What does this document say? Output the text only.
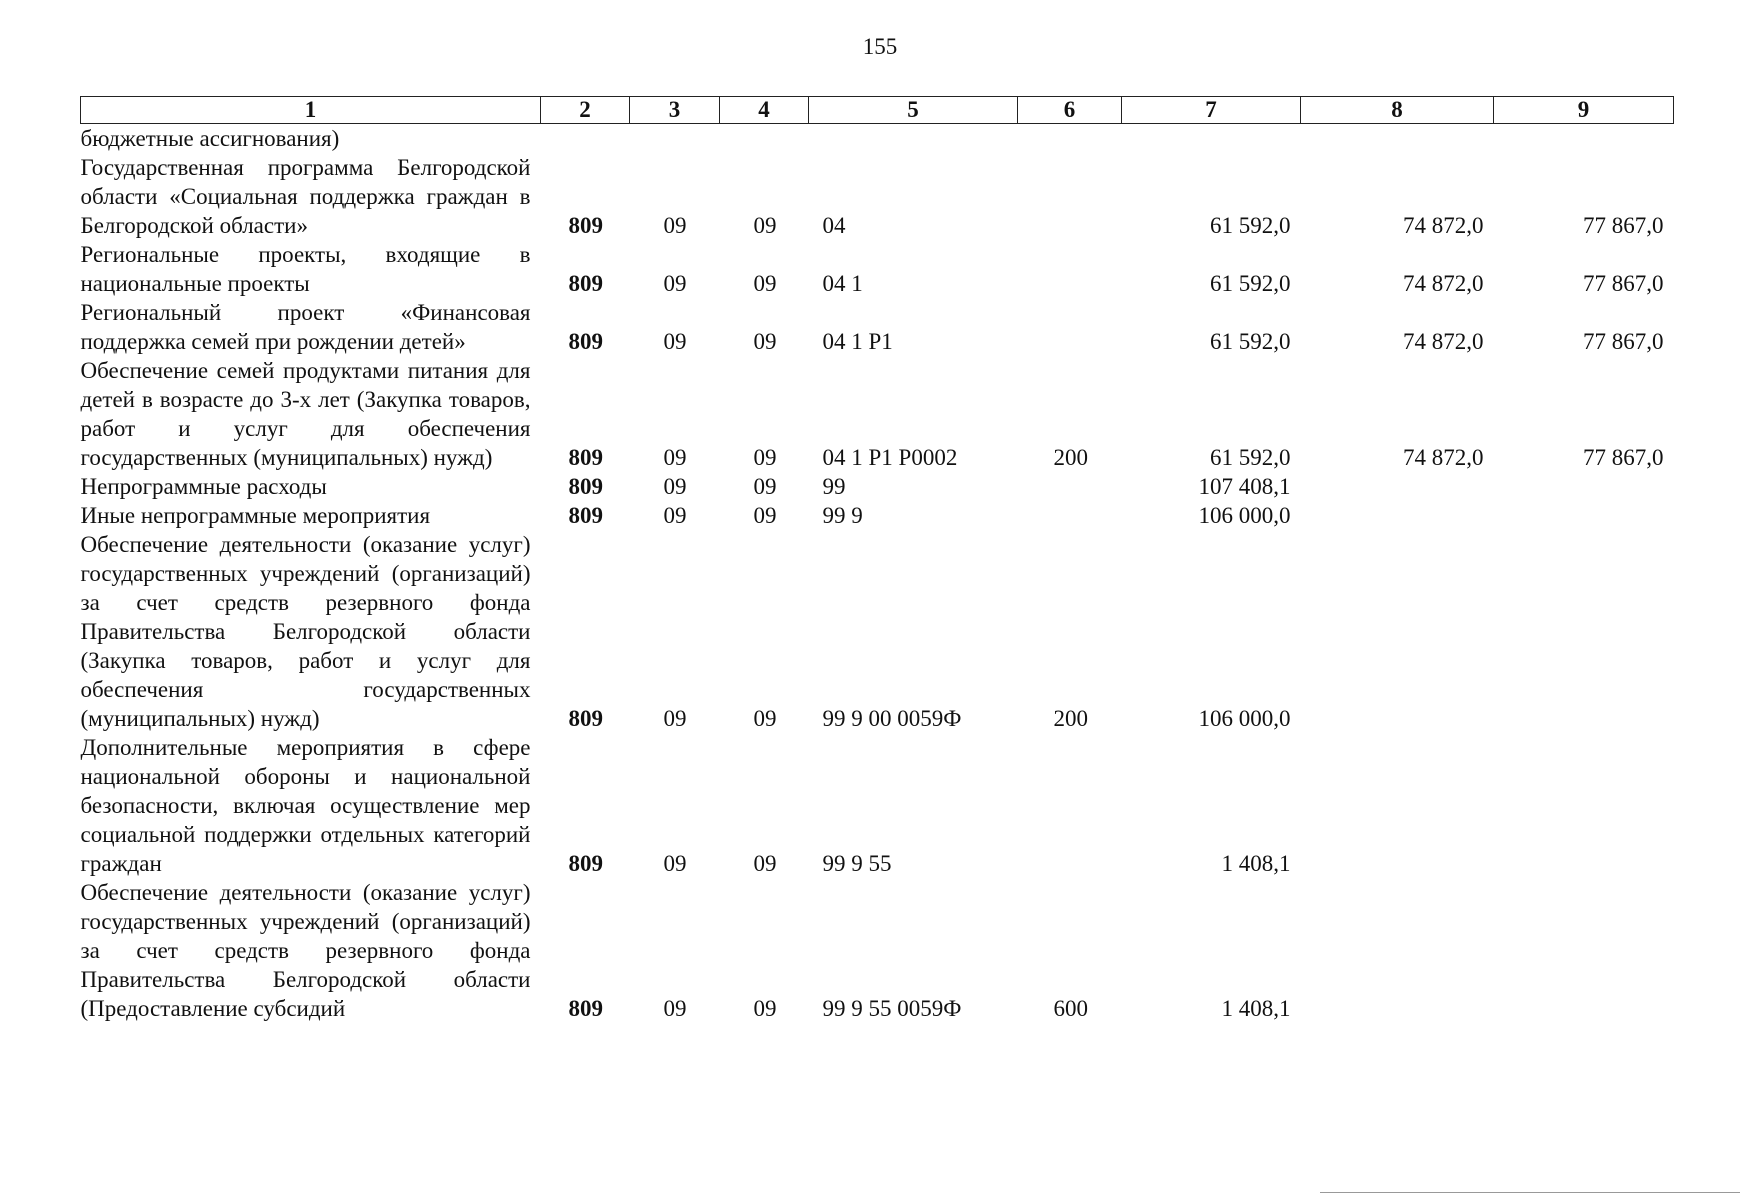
155
1	2	3	4	5	6	7	8	9
бюджетные ассигнования)								
Государственная программа Белгородской области «Социальная поддержка граждан в Белгородской области»	809	09	09	04		61 592,0	74 872,0	77 867,0
Региональные проекты, входящие в национальные проекты	809	09	09	04 1		61 592,0	74 872,0	77 867,0
Региональный проект «Финансовая поддержка семей при рождении детей»	809	09	09	04 1 Р1		61 592,0	74 872,0	77 867,0
Обеспечение семей продуктами питания для детей в возрасте до 3-х лет (Закупка товаров, работ и услуг для обеспечения государственных (муниципальных) нужд)	809	09	09	04 1 Р1 Р0002	200	61 592,0	74 872,0	77 867,0
Непрограммные расходы	809	09	09	99		107 408,1		
Иные непрограммные мероприятия	809	09	09	99 9		106 000,0		
Обеспечение деятельности (оказание услуг) государственных учреждений (организаций) за счет средств резервного фонда Правительства Белгородской области (Закупка товаров, работ и услуг для обеспечения государственных (муниципальных) нужд)	809	09	09	99 9 00 0059Ф	200	106 000,0		
Дополнительные мероприятия в сфере национальной обороны и национальной безопасности, включая осуществление мер социальной поддержки отдельных категорий граждан	809	09	09	99 9 55		1 408,1		
Обеспечение деятельности (оказание услуг) государственных учреждений (организаций) за счет средств резервного фонда Правительства Белгородской области (Предоставление субсидий	809	09	09	99 9 55 0059Ф	600	1 408,1		
